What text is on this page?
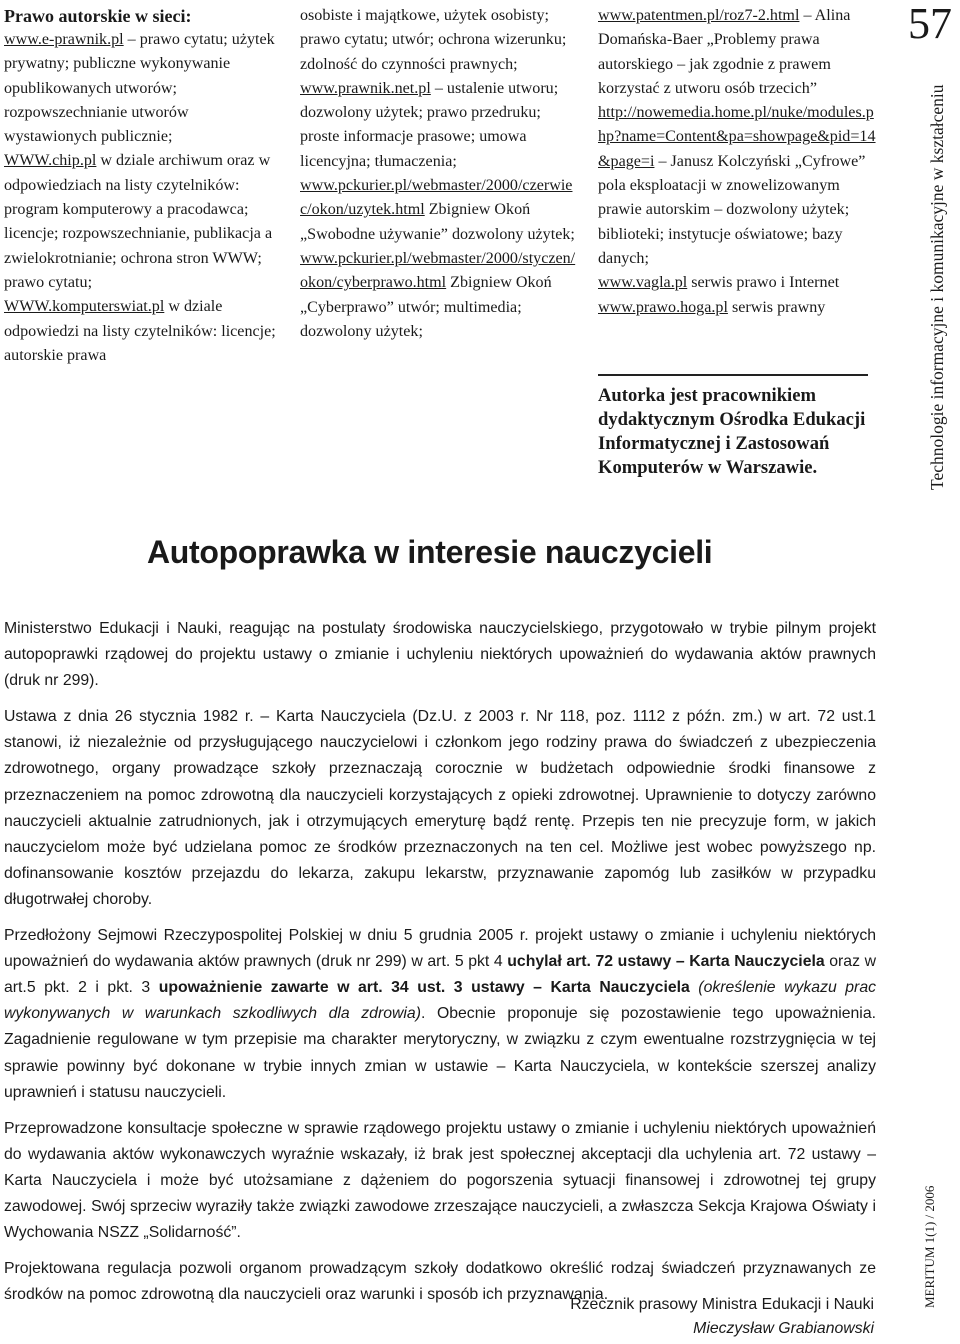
Prawo autorskie w sieci:

www.e-prawnik.pl – prawo cytatu; użytek prywatny; publiczne wykonywanie opublikowanych utworów; rozpowszechnianie utworów wystawionych publicznie;

WWW.chip.pl w dziale archiwum oraz w odpowiedziach na listy czytelników: program komputerowy a pracodawca; licencje; rozpowszechnianie, publikacja a zwielokrotnianie; ochrona stron WWW; prawo cytatu;

WWW.komputerswiat.pl w dziale odpowiedzi na listy czytelników: licencje; autorskie prawa

osobiste i majątkowe, użytek osobisty; prawo cytatu; utwór; ochrona wizerunku; zdolność do czynności prawnych;

www.prawnik.net.pl – ustalenie utworu; dozwolony użytek; prawo przedruku; proste informacje prasowe; umowa licencyjna; tłumaczenia;

www.pckurier.pl/webmaster/2000/czerwiec/okon/uzytek.html Zbigniew Okoń „Swobodne używanie” dozwolony użytek;

www.pckurier.pl/webmaster/2000/styczen/okon/cyberprawo.html Zbigniew Okoń „Cyberprawo” utwór; multimedia; dozwolony użytek;

www.patentmen.pl/roz7-2.html – Alina Domańska-Baer „Problemy prawa autorskiego – jak zgodnie z prawem korzystać z utworu osób trzecich”

http://nowemedia.home.pl/nuke/modules.php?name=Content&pa=showpage&pid=14&page=i – Janusz Kolczyński „Cyfrowe” pola eksploatacji w znowelizowanym prawie autorskim – dozwolony użytek; biblioteki; instytucje oświatowe; bazy danych;

www.vagla.pl serwis prawo i Internet

www.prawo.hoga.pl serwis prawny

Autorka jest pracownikiem dydaktycznym Ośrodka Edukacji Informatycznej i Zastosowań Komputerów w Warszawie.

57
Technologie informacyjne i komunikacyjne w kształceniu
MERITUM 1(1) / 2006
Autopoprawka w interesie nauczycieli

Ministerstwo Edukacji i Nauki, reagując na postulaty środowiska nauczycielskiego, przygotowało w trybie pilnym projekt autopoprawki rządowej do projektu ustawy o zmianie i uchyleniu niektórych upoważnień do wydawania aktów prawnych (druk nr 299).

Ustawa z dnia 26 stycznia 1982 r. – Karta Nauczyciela (Dz.U. z 2003 r. Nr 118, poz. 1112 z późn. zm.) w art. 72 ust.1 stanowi, iż niezależnie od przysługującego nauczycielowi i członkom jego rodziny prawa do świadczeń z ubezpieczenia zdrowotnego, organy prowadzące szkoły przeznaczają corocznie w budżetach odpowiednie środki finansowe z przeznaczeniem na pomoc zdrowotną dla nauczycieli korzystających z opieki zdrowotnej. Uprawnienie to dotyczy zarówno nauczycieli aktualnie zatrudnionych, jak i otrzymujących emeryturę bądź rentę. Przepis ten nie precyzuje form, w jakich nauczycielom może być udzielana pomoc ze środków przeznaczonych na ten cel. Możliwe jest wobec powyższego np. dofinansowanie kosztów przejazdu do lekarza, zakupu lekarstw, przyznawanie zapomóg lub zasiłków w przypadku długotrwałej choroby.

Przedłożony Sejmowi Rzeczypospolitej Polskiej w dniu 5 grudnia 2005 r. projekt ustawy o zmianie i uchyleniu niektórych upoważnień do wydawania aktów prawnych (druk nr 299) w art. 5 pkt 4 uchylał art. 72 ustawy – Karta Nauczyciela oraz w art.5 pkt. 2 i pkt. 3 upoważnienie zawarte w art. 34 ust. 3 ustawy – Karta Nauczyciela (określenie wykazu prac wykonywanych w warunkach szkodliwych dla zdrowia). Obecnie proponuje się pozostawienie tego upoważnienia. Zagadnienie regulowane w tym przepisie ma charakter merytoryczny, w związku z czym ewentualne rozstrzygnięcia w tej sprawie powinny być dokonane w trybie innych zmian w ustawie – Karta Nauczyciela, w kontekście szerszej analizy uprawnień i statusu nauczycieli.

Przeprowadzone konsultacje społeczne w sprawie rządowego projektu ustawy o zmianie i uchyleniu niektórych upoważnień do wydawania aktów wykonawczych wyraźnie wskazały, iż brak jest społecznej akceptacji dla uchylenia art. 72 ustawy – Karta Nauczyciela i może być utożsamiane z dążeniem do pogorszenia sytuacji finansowej i zdrowotnej tej grupy zawodowej. Swój sprzeciw wyraziły także związki zawodowe zrzeszające nauczycieli, a zwłaszcza Sekcja Krajowa Oświaty i Wychowania NSZZ „Solidarność”.

Projektowana regulacja pozwoli organom prowadzącym szkoły dodatkowo określić rodzaj świadczeń przyznawanych ze środków na pomoc zdrowotną dla nauczycieli oraz warunki i sposób ich przyznawania.

Rzecznik prasowy Ministra Edukacji i Nauki
Mieczysław Grabianowski
